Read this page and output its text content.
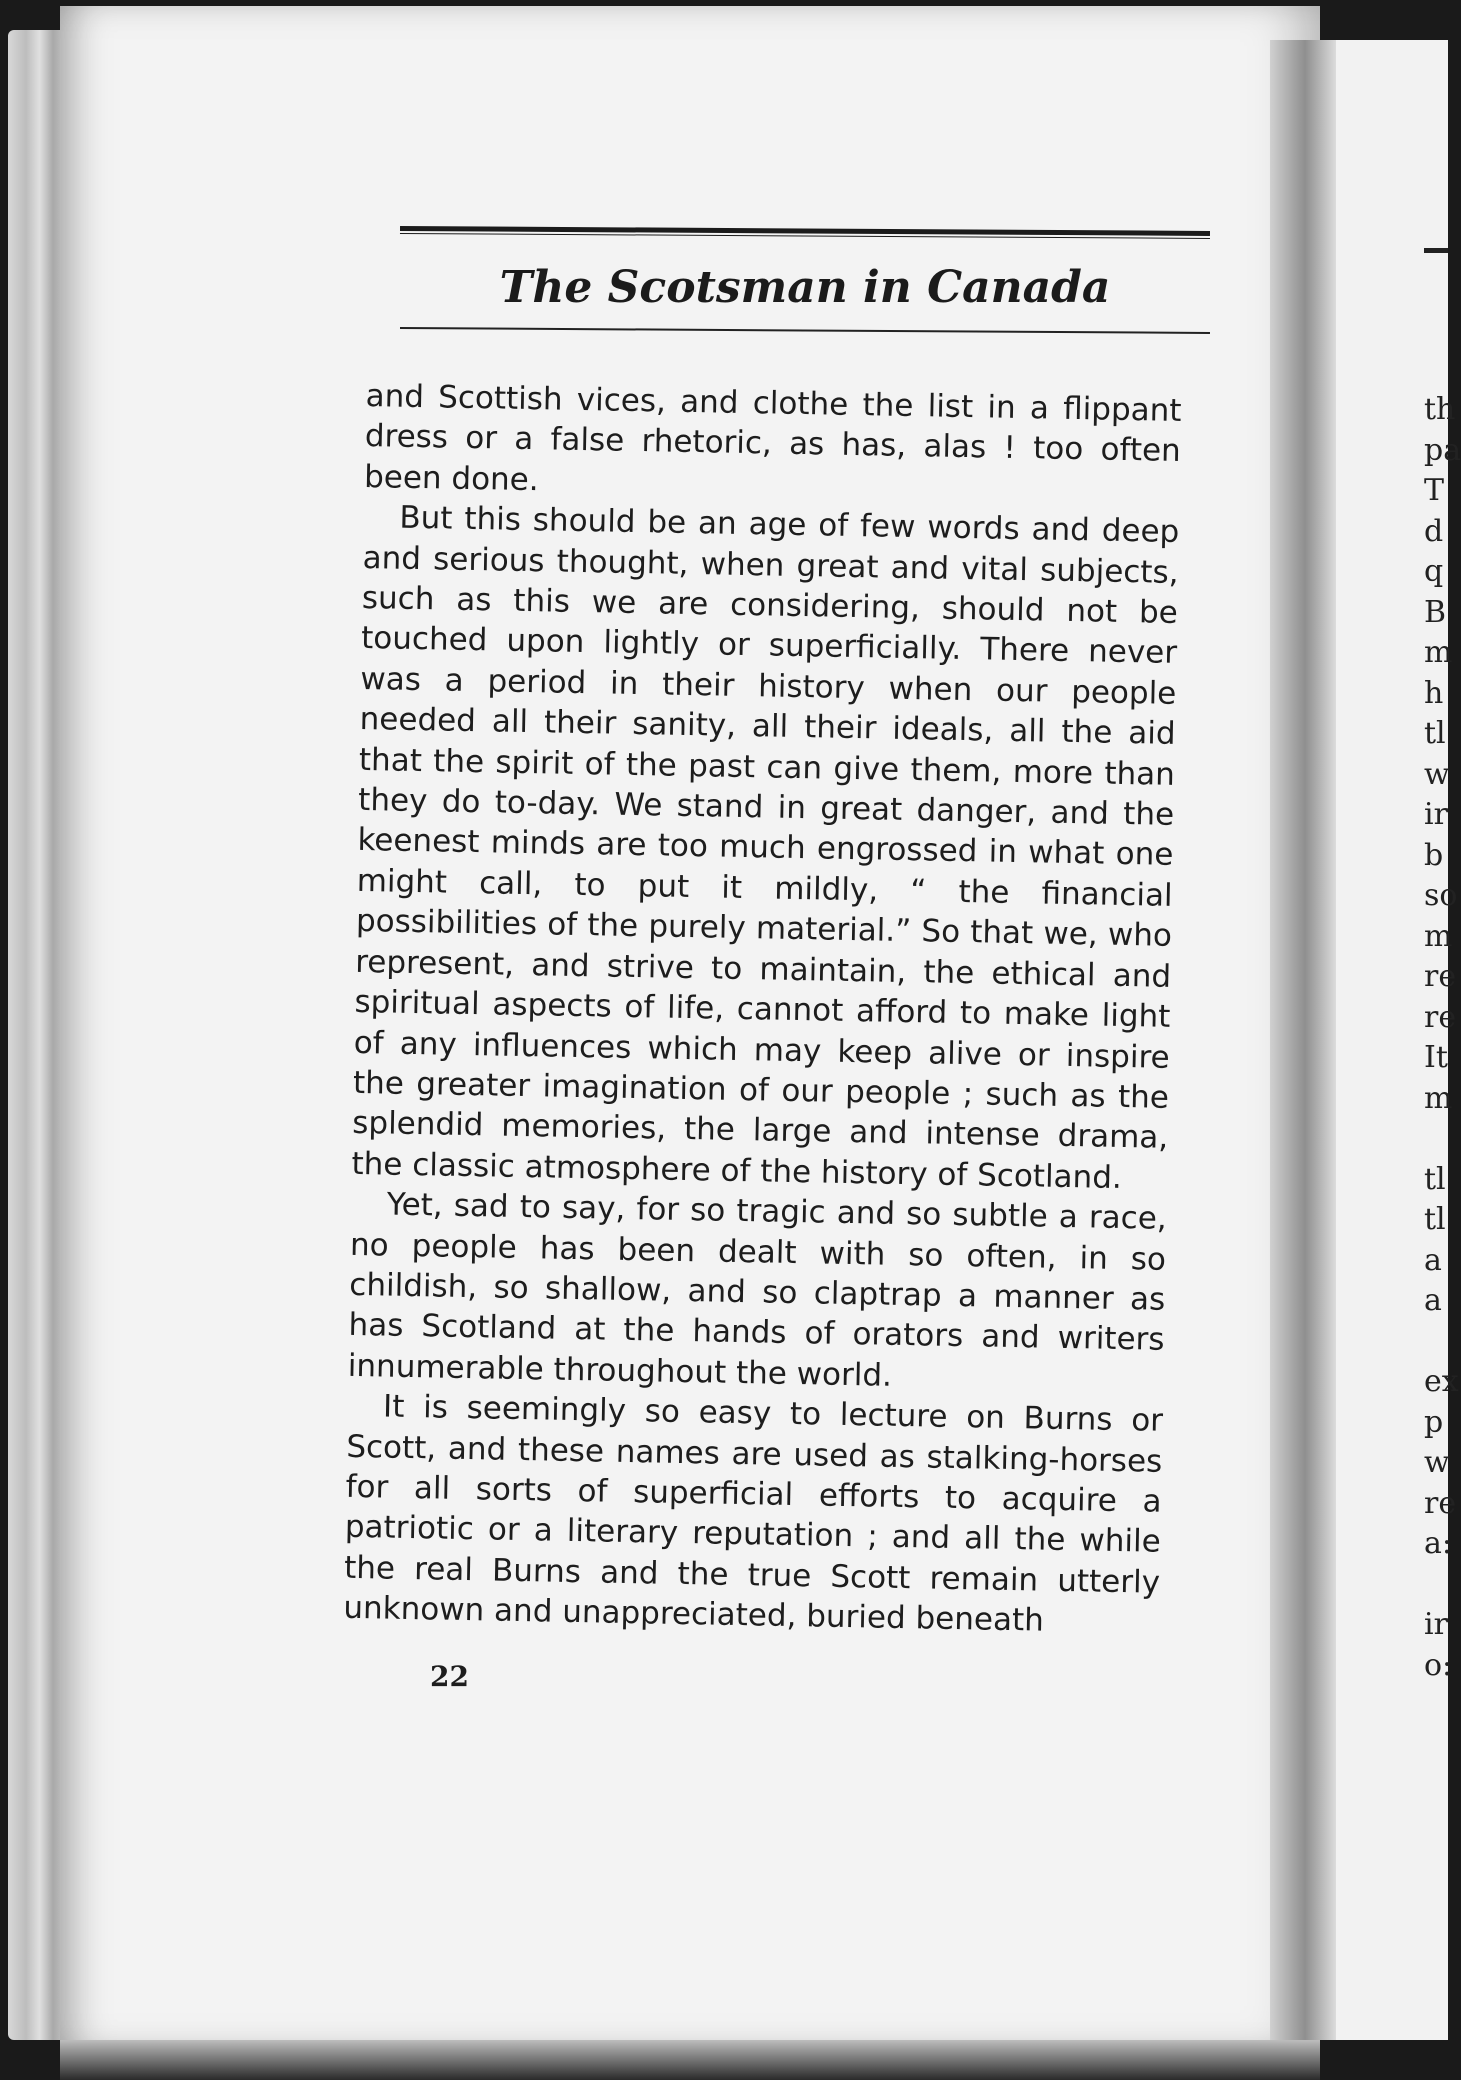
th
pa
T
d
q
B
m
h
tl
w
ir
b
so
m
re
re
It
m

tl
tl
a
a

ex
p
w
re
a:

ir
o:
The Scotsman in Canada

and Scottish vices, and clothe the list in a flippant dress or a false rhetoric, as has, alas ! too often been done.

But this should be an age of few words and deep and serious thought, when great and vital subjects, such as this we are considering, should not be touched upon lightly or superficially. There never was a period in their history when our people needed all their sanity, all their ideals, all the aid that the spirit of the past can give them, more than they do to-day. We stand in great danger, and the keenest minds are too much engrossed in what one might call, to put it mildly, “ the financial possibilities of the purely material.” So that we, who represent, and strive to maintain, the ethical and spiritual aspects of life, cannot afford to make light of any influences which may keep alive or inspire the greater imagination of our people ; such as the splendid memories, the large and intense drama, the classic atmosphere of the history of Scotland.

Yet, sad to say, for so tragic and so subtle a race, no people has been dealt with so often, in so childish, so shallow, and so claptrap a manner as has Scotland at the hands of orators and writers innumerable throughout the world.

It is seemingly so easy to lecture on Burns or Scott, and these names are used as stalking-horses for all sorts of superficial efforts to acquire a patriotic or a literary reputation ; and all the while the real Burns and the true Scott remain utterly unknown and unappreciated, buried beneath

22
